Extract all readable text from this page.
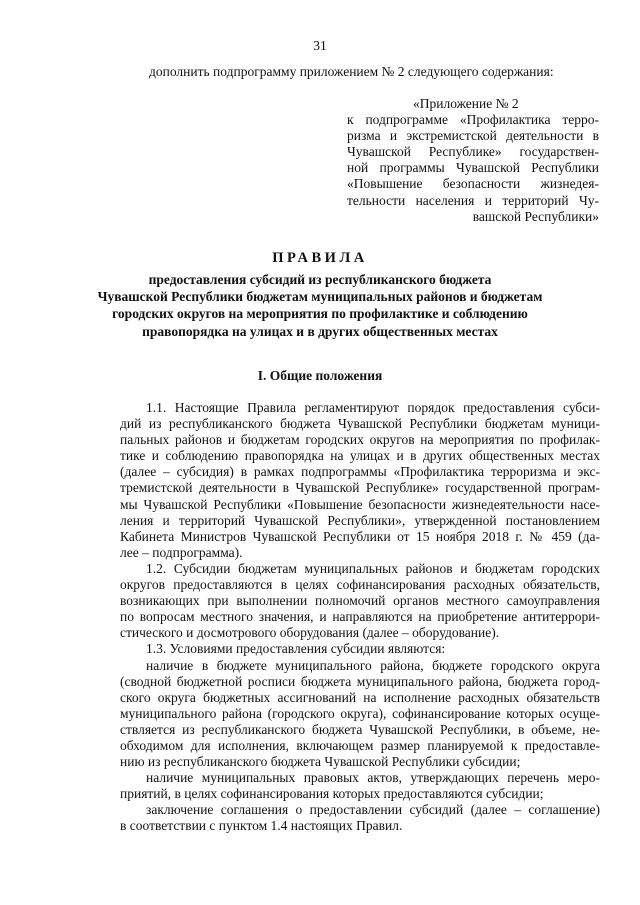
31
дополнить подпрограмму приложением № 2 следующего содержания:
«Приложение № 2
к подпрограмме «Профилактика терро-
ризма и экстремистской деятельности в
Чувашской Республике» государствен-
ной программы Чувашской Республики
«Повышение безопасности жизнедея-
тельности населения и территорий Чу-
вашской Республики»
ПРАВИЛА
предоставления субсидий из республиканского бюджета
Чувашской Республики бюджетам муниципальных районов и бюджетам
городских округов на мероприятия по профилактике и соблюдению
правопорядка на улицах и в других общественных местах
I. Общие положения
1.1. Настоящие Правила регламентируют порядок предоставления субси-
дий из республиканского бюджета Чувашской Республики бюджетам муници-
пальных районов и бюджетам городских округов на мероприятия по профилак-
тике и соблюдению правопорядка на улицах и в других общественных местах
(далее – субсидия) в рамках подпрограммы «Профилактика терроризма и экс-
тремистской деятельности в Чувашской Республике» государственной програм-
мы Чувашской Республики «Повышение безопасности жизнедеятельности насе-
ления и территорий Чувашской Республики», утвержденной постановлением
Кабинета Министров Чувашской Республики от 15 ноября 2018 г. № 459 (да-
лее – подпрограмма).
1.2. Субсидии бюджетам муниципальных районов и бюджетам городских
округов предоставляются в целях софинансирования расходных обязательств,
возникающих при выполнении полномочий органов местного самоуправления
по вопросам местного значения, и направляются на приобретение антитеррори-
стического и досмотрового оборудования (далее – оборудование).
1.3. Условиями предоставления субсидии являются:
наличие в бюджете муниципального района, бюджете городского округа
(сводной бюджетной росписи бюджета муниципального района, бюджета город-
ского округа бюджетных ассигнований на исполнение расходных обязательств
муниципального района (городского округа), софинансирование которых осуще-
ствляется из республиканского бюджета Чувашской Республики, в объеме, не-
обходимом для исполнения, включающем размер планируемой к предоставле-
нию из республиканского бюджета Чувашской Республики субсидии;
наличие муниципальных правовых актов, утверждающих перечень меро-
приятий, в целях софинансирования которых предоставляются субсидии;
заключение соглашения о предоставлении субсидий (далее – соглашение)
в соответствии с пунктом 1.4 настоящих Правил.
